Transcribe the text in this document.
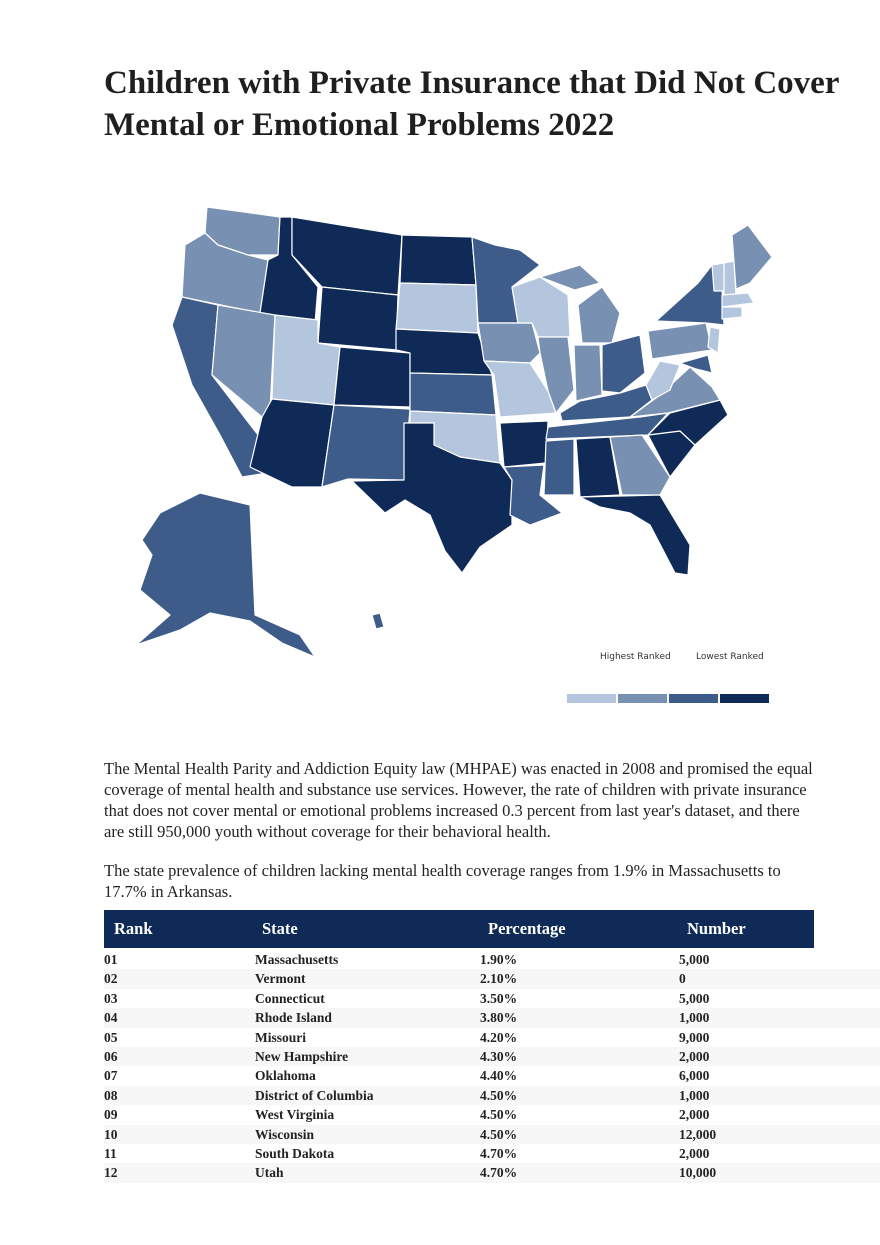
Children with Private Insurance that Did Not Cover Mental or Emotional Problems 2022
Highest Ranked	Lowest Ranked

The Mental Health Parity and Addiction Equity law (MHPAE) was enacted in 2008 and promised the equal coverage of mental health and substance use services. However, the rate of children with private insurance that does not cover mental or emotional problems increased 0.3 percent from last year's dataset, and there are still 950,000 youth without coverage for their behavioral health.

The state prevalence of children lacking mental health coverage ranges from 1.9% in Massachusetts to 17.7% in Arkansas.

Rank	State	Percentage	Number
01	Massachusetts	1.90%	5,000
02	Vermont	2.10%	0
03	Connecticut	3.50%	5,000
04	Rhode Island	3.80%	1,000
05	Missouri	4.20%	9,000
06	New Hampshire	4.30%	2,000
07	Oklahoma	4.40%	6,000
08	District of Columbia	4.50%	1,000
09	West Virginia	4.50%	2,000
10	Wisconsin	4.50%	12,000
11	South Dakota	4.70%	2,000
12	Utah	4.70%	10,000
